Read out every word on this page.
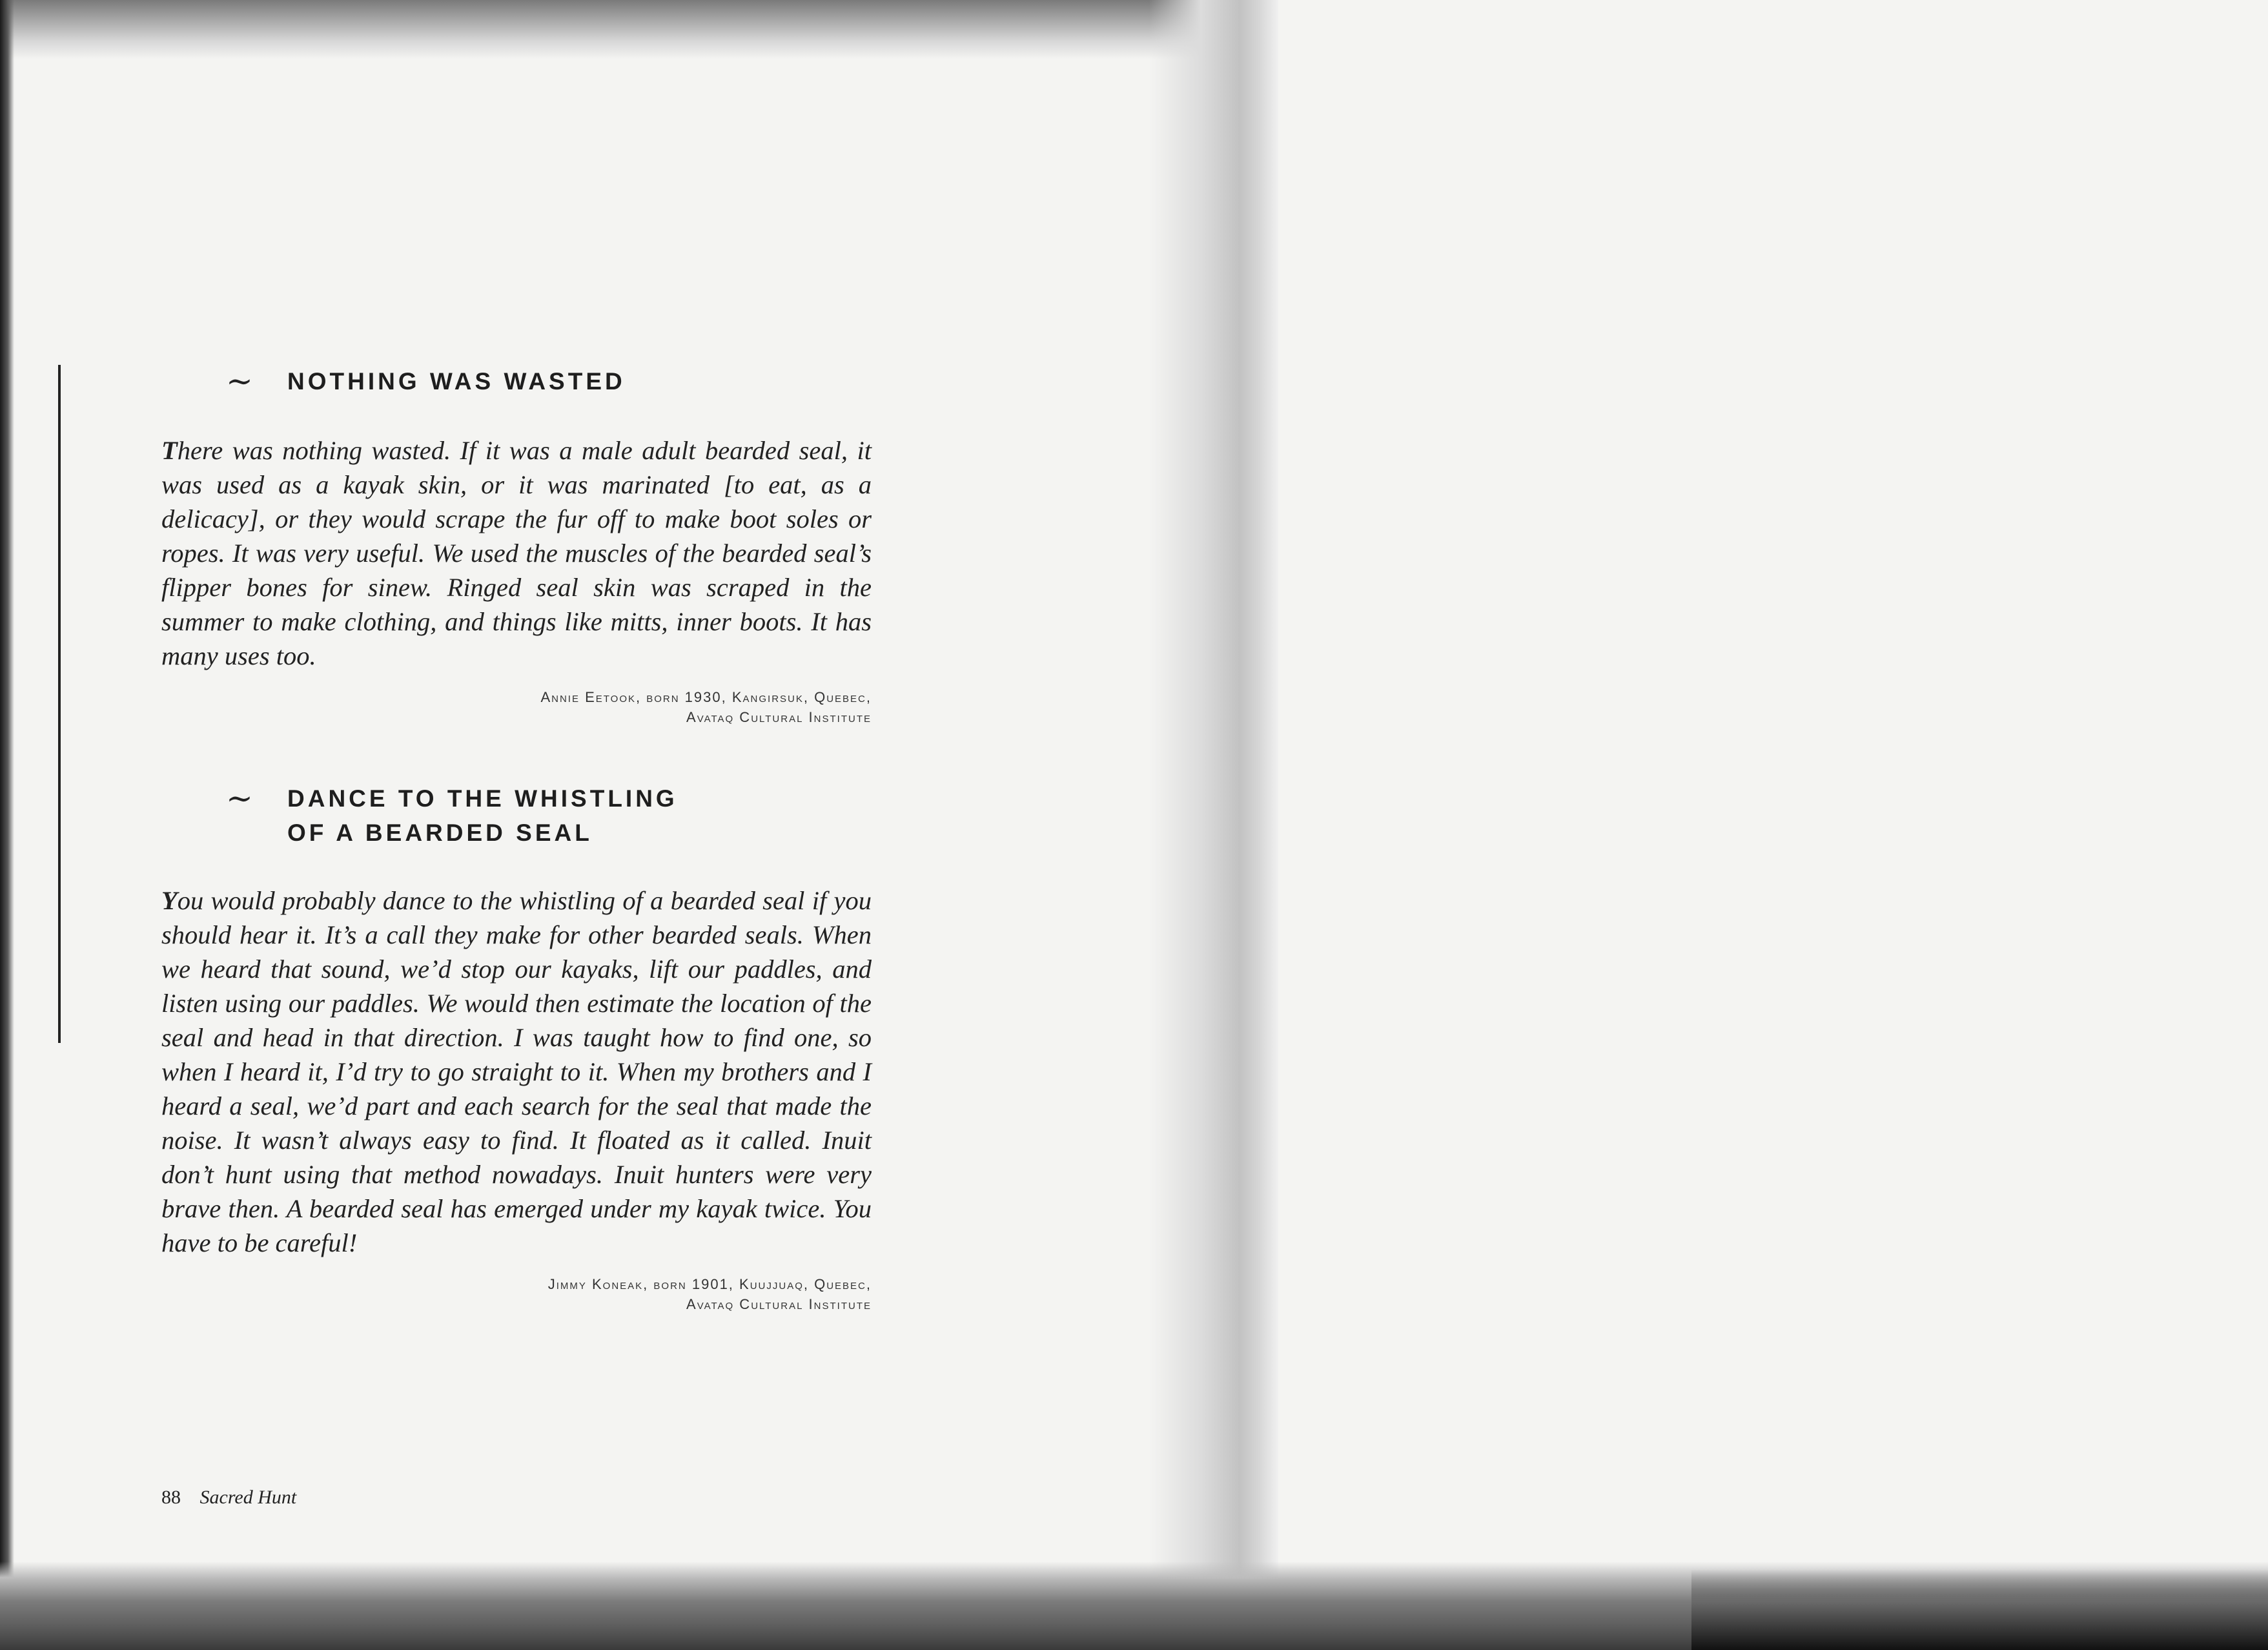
∼ NOTHING WAS WASTED

There was nothing wasted. If it was a male adult bearded seal, it was used as a kayak skin, or it was marinated [to eat, as a delicacy], or they would scrape the fur off to make boot soles or ropes. It was very useful. We used the muscles of the bearded seal’s flipper bones for sinew. Ringed seal skin was scraped in the summer to make clothing, and things like mitts, inner boots. It has many uses too.

Annie Eetook, born 1930, Kangirsuk, Quebec,
Avataq Cultural Institute
∼ DANCE TO THE WHISTLING
OF A BEARDED SEAL

You would probably dance to the whistling of a bearded seal if you should hear it. It’s a call they make for other bearded seals. When we heard that sound, we’d stop our kayaks, lift our paddles, and listen using our paddles. We would then estimate the location of the seal and head in that direction. I was taught how to find one, so when I heard it, I’d try to go straight to it. When my brothers and I heard a seal, we’d part and each search for the seal that made the noise. It wasn’t always easy to find. It floated as it called. Inuit don’t hunt using that method nowadays. Inuit hunters were very brave then. A bearded seal has emerged under my kayak twice. You have to be careful!

Jimmy Koneak, born 1901, Kuujjuaq, Quebec,
Avataq Cultural Institute
88 Sacred Hunt
